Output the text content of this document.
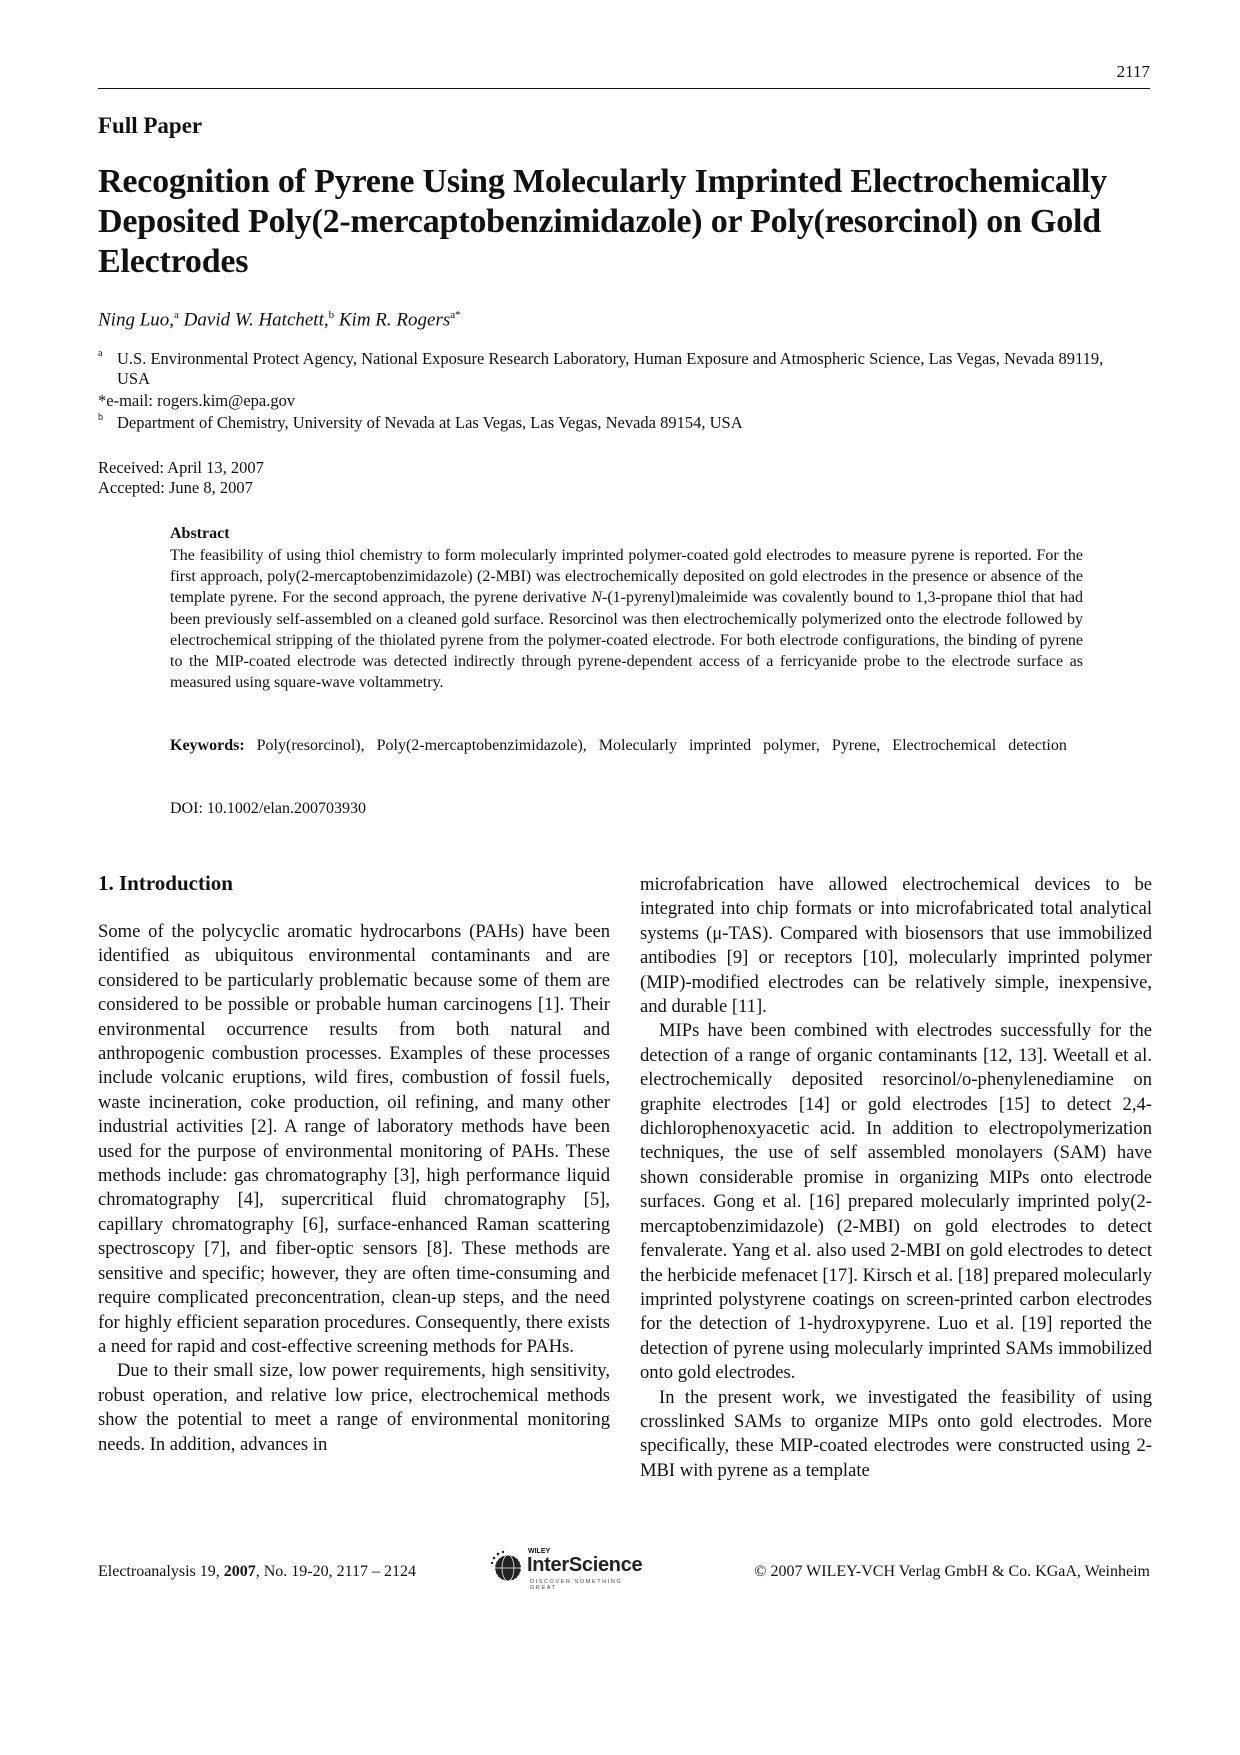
2117
Full Paper
Recognition of Pyrene Using Molecularly Imprinted Electrochemically Deposited Poly(2-mercaptobenzimidazole) or Poly(resorcinol) on Gold Electrodes
Ning Luo,$^a$ David W. Hatchett,$^b$ Kim R. Rogers$^{a*}$
a U.S. Environmental Protect Agency, National Exposure Research Laboratory, Human Exposure and Atmospheric Science, Las Vegas, Nevada 89119, USA
*e-mail: rogers.kim@epa.gov
b Department of Chemistry, University of Nevada at Las Vegas, Las Vegas, Nevada 89154, USA
Received: April 13, 2007
Accepted: June 8, 2007
Abstract

The feasibility of using thiol chemistry to form molecularly imprinted polymer-coated gold electrodes to measure pyrene is reported. For the first approach, poly(2-mercaptobenzimidazole) (2-MBI) was electrochemically deposited on gold electrodes in the presence or absence of the template pyrene. For the second approach, the pyrene derivative N-(1-pyrenyl)maleimide was covalently bound to 1,3-propane thiol that had been previously self-assembled on a cleaned gold surface. Resorcinol was then electrochemically polymerized onto the electrode followed by electrochemical stripping of the thiolated pyrene from the polymer-coated electrode. For both electrode configurations, the binding of pyrene to the MIP-coated electrode was detected indirectly through pyrene-dependent access of a ferricyanide probe to the electrode surface as measured using square-wave voltammetry.

Keywords: Poly(resorcinol), Poly(2-mercaptobenzimidazole), Molecularly imprinted polymer, Pyrene, Electrochemical detection

DOI: 10.1002/elan.200703930
1. Introduction

Some of the polycyclic aromatic hydrocarbons (PAHs) have been identified as ubiquitous environmental contaminants and are considered to be particularly problematic because some of them are considered to be possible or probable human carcinogens [1]. Their environmental occurrence results from both natural and anthropogenic combustion processes. Examples of these processes include volcanic eruptions, wild fires, combustion of fossil fuels, waste incineration, coke production, oil refining, and many other industrial activities [2]. A range of laboratory methods have been used for the purpose of environmental monitoring of PAHs. These methods include: gas chromatography [3], high performance liquid chromatography [4], supercritical fluid chromatography [5], capillary chromatography [6], surface-enhanced Raman scattering spectroscopy [7], and fiber-optic sensors [8]. These methods are sensitive and specific; however, they are often time-consuming and require complicated preconcentration, clean-up steps, and the need for highly efficient separation procedures. Consequently, there exists a need for rapid and cost-effective screening methods for PAHs.

Due to their small size, low power requirements, high sensitivity, robust operation, and relative low price, electrochemical methods show the potential to meet a range of environmental monitoring needs. In addition, advances in

microfabrication have allowed electrochemical devices to be integrated into chip formats or into microfabricated total analytical systems (μ-TAS). Compared with biosensors that use immobilized antibodies [9] or receptors [10], molecularly imprinted polymer (MIP)-modified electrodes can be relatively simple, inexpensive, and durable [11].

MIPs have been combined with electrodes successfully for the detection of a range of organic contaminants [12, 13]. Weetall et al. electrochemically deposited resorcinol/o-phenylenediamine on graphite electrodes [14] or gold electrodes [15] to detect 2,4-dichlorophenoxyacetic acid. In addition to electropolymerization techniques, the use of self assembled monolayers (SAM) have shown considerable promise in organizing MIPs onto electrode surfaces. Gong et al. [16] prepared molecularly imprinted poly(2-mercaptobenzimidazole) (2-MBI) on gold electrodes to detect fenvalerate. Yang et al. also used 2-MBI on gold electrodes to detect the herbicide mefenacet [17]. Kirsch et al. [18] prepared molecularly imprinted polystyrene coatings on screen-printed carbon electrodes for the detection of 1-hydroxypyrene. Luo et al. [19] reported the detection of pyrene using molecularly imprinted SAMs immobilized onto gold electrodes.

In the present work, we investigated the feasibility of using crosslinked SAMs to organize MIPs onto gold electrodes. More specifically, these MIP-coated electrodes were constructed using 2-MBI with pyrene as a template

Electroanalysis 19, 2007, No. 19-20, 2117 – 2124
WILEY
InterScience
DISCOVER SOMETHING GREAT
© 2007 WILEY-VCH Verlag GmbH & Co. KGaA, Weinheim
